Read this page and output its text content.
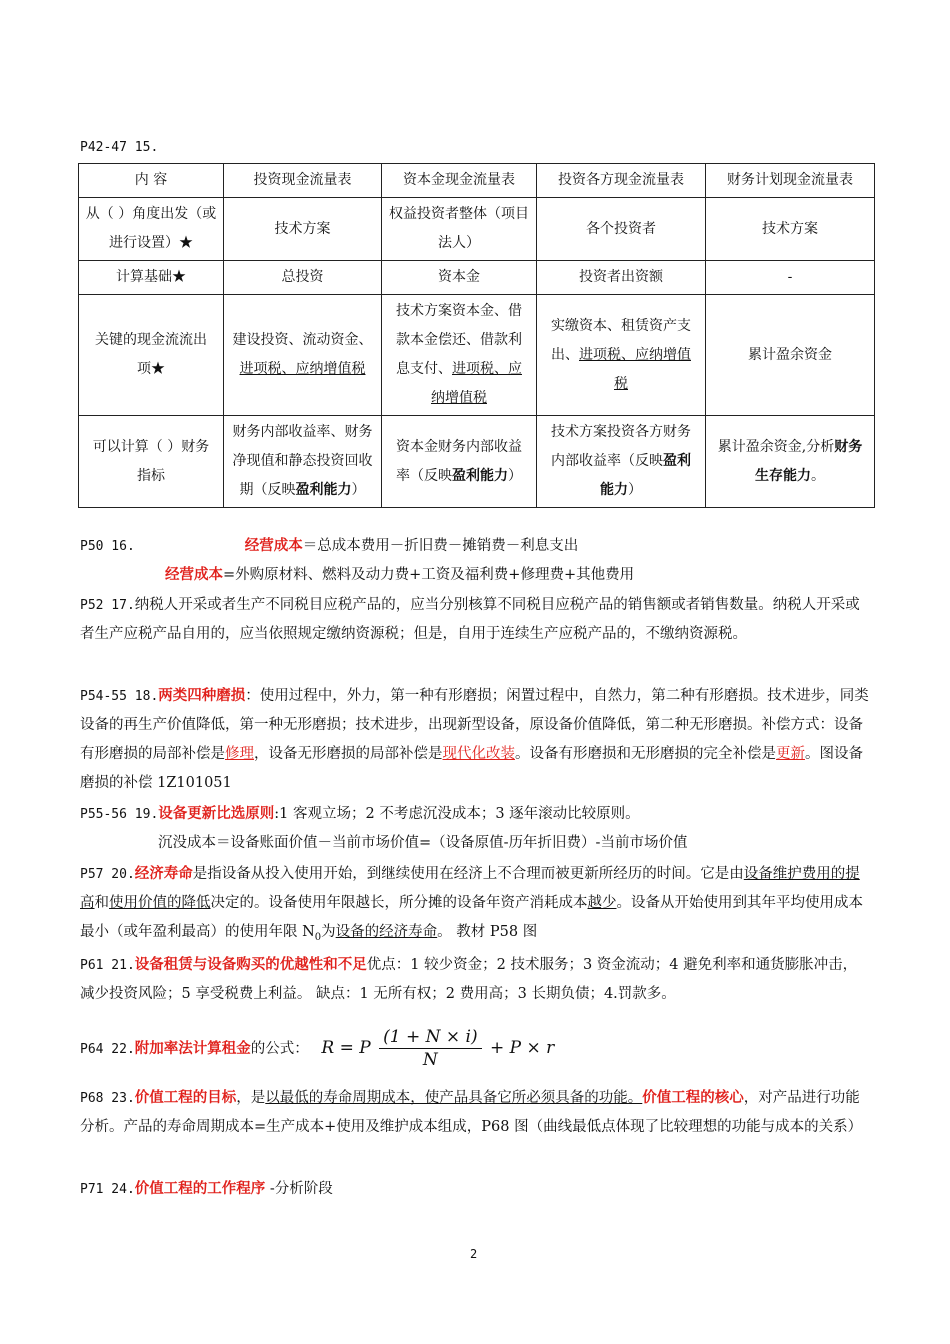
P42-47 15.
内 容	投资现金流量表	资本金现金流量表	投资各方现金流量表	财务计划现金流量表
从（ ）角度出发（或进行设置）★	技术方案	权益投资者整体（项目法人）	各个投资者	技术方案
计算基础★	总投资	资本金	投资者出资额	-
关键的现金流流出项★	建设投资、流动资金、进项税、应纳增值税	技术方案资本金、借款本金偿还、借款利息支付、进项税、应纳增值税	实缴资本、租赁资产支出、进项税、应纳增值税	累计盈余资金
可以计算（ ）财务指标	财务内部收益率、财务净现值和静态投资回收期（反映盈利能力）	资本金财务内部收益率（反映盈利能力）	技术方案投资各方财务内部收益率（反映盈利能力）	累计盈余资金,分析财务生存能力。

P50 16.	经营成本＝总成本费用－折旧费－摊销费－利息支出

经营成本=外购原材料、燃料及动力费+工资及福利费+修理费+其他费用

P52 17.纳税人开采或者生产不同税目应税产品的，应当分别核算不同税目应税产品的销售额或者销售数量。纳税人开采或者生产应税产品自用的，应当依照规定缴纳资源税；但是，自用于连续生产应税产品的，不缴纳资源税。

P54-55 18.两类四种磨损：使用过程中，外力，第一种有形磨损；闲置过程中，自然力，第二种有形磨损。技术进步，同类设备的再生产价值降低，第一种无形磨损；技术进步，出现新型设备，原设备价值降低，第二种无形磨损。补偿方式：设备有形磨损的局部补偿是修理，设备无形磨损的局部补偿是现代化改装。设备有形磨损和无形磨损的完全补偿是更新。图设备磨损的补偿 1Z101051

P55-56 19.设备更新比选原则:1 客观立场；2 不考虑沉没成本；3 逐年滚动比较原则。

沉没成本＝设备账面价值－当前市场价值=（设备原值-历年折旧费）-当前市场价值

P57 20.经济寿命是指设备从投入使用开始，到继续使用在经济上不合理而被更新所经历的时间。它是由设备维护费用的提高和使用价值的降低决定的。设备使用年限越长，所分摊的设备年资产消耗成本越少。设备从开始使用到其年平均使用成本最小（或年盈利最高）的使用年限 $N_0$为设备的经济寿命。 教材 P58 图

P61 21.设备租赁与设备购买的优越性和不足优点：1 较少资金；2 技术服务；3 资金流动；4 避免利率和通货膨胀冲击，减少投资风险；5 享受税费上利益。 缺点：1 无所有权；2 费用高；3 长期负债；4.罚款多。

P64 22.附加率法计算租金的公式： R = P $\frac{(1 + N \times i)}{N} + P \times r$

P68 23.价值工程的目标，是以最低的寿命周期成本，使产品具备它所必须具备的功能。价值工程的核心，对产品进行功能分析。产品的寿命周期成本=生产成本+使用及维护成本组成，P68 图（曲线最低点体现了比较理想的功能与成本的关系）

P71 24.价值工程的工作程序 -分析阶段

2
